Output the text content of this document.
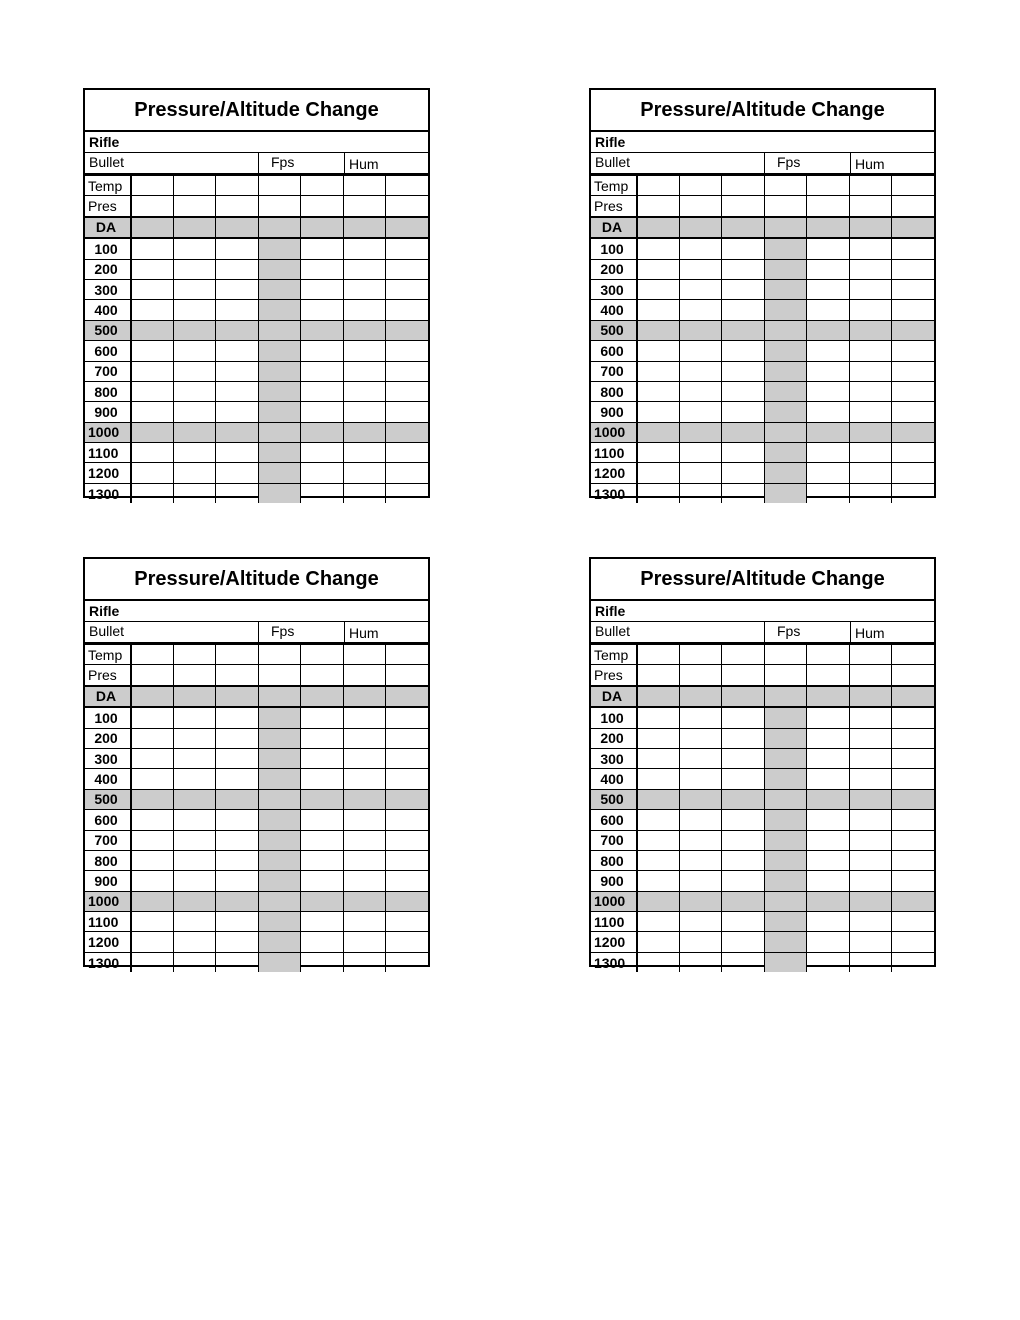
Pressure/Altitude Change
Rifle
Bullet	Fps	Hum
Temp							
Pres							
DA							
100							
200							
300							
400							
500							
600							
700							
800							
900							
1000							
1100							
1200							
1300							
Pressure/Altitude Change
Rifle
Bullet	Fps	Hum
Temp							
Pres							
DA							
100							
200							
300							
400							
500							
600							
700							
800							
900							
1000							
1100							
1200							
1300							
Pressure/Altitude Change
Rifle
Bullet	Fps	Hum
Temp							
Pres							
DA							
100							
200							
300							
400							
500							
600							
700							
800							
900							
1000							
1100							
1200							
1300							
Pressure/Altitude Change
Rifle
Bullet	Fps	Hum
Temp							
Pres							
DA							
100							
200							
300							
400							
500							
600							
700							
800							
900							
1000							
1100							
1200							
1300							
